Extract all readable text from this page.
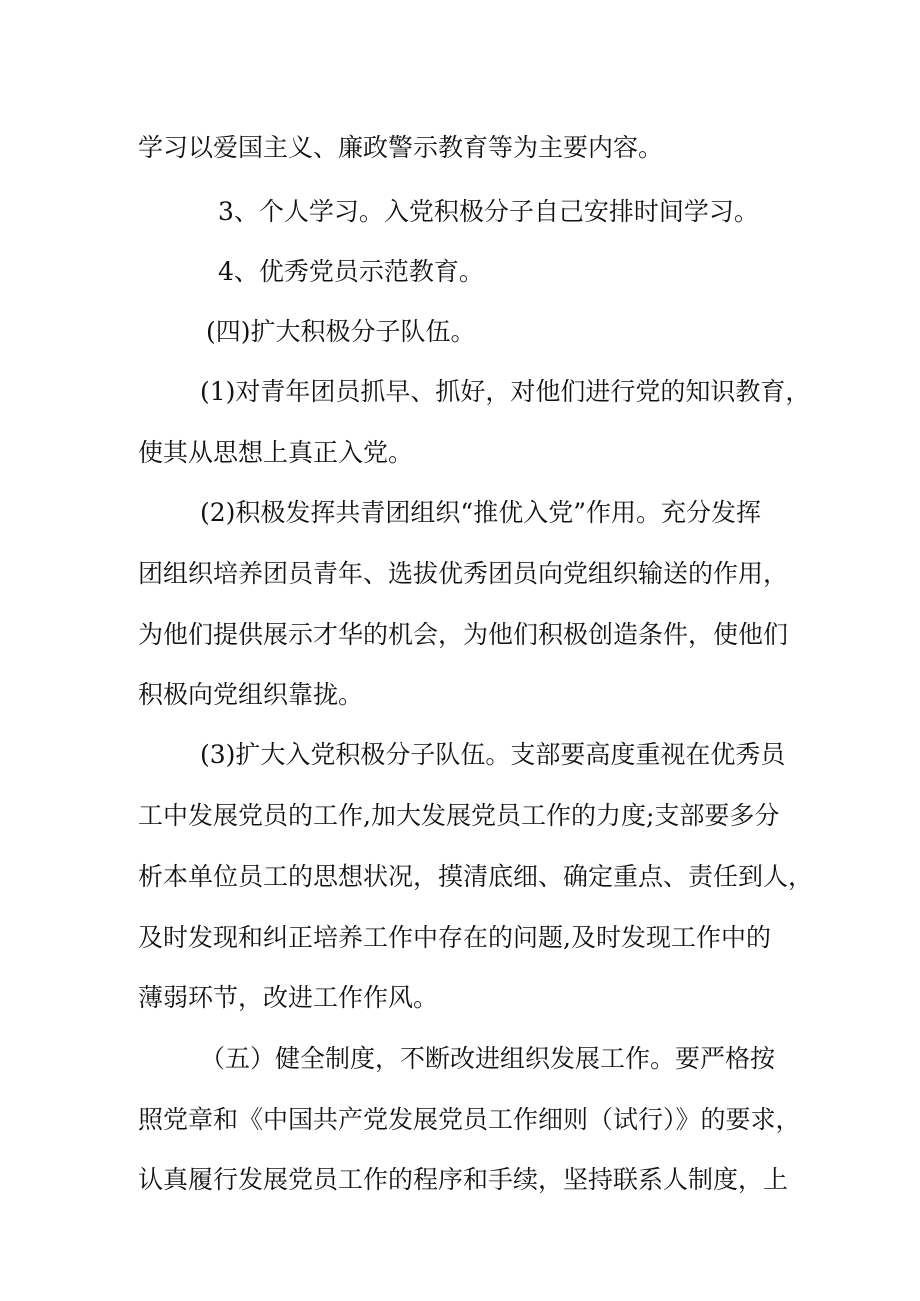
学习以爱国主义、廉政警示教育等为主要内容。
3、个人学习。入党积极分子自己安排时间学习。
4、优秀党员示范教育。
(四)扩大积极分子队伍。
(1)对青年团员抓早、抓好，对他们进行党的知识教育，
使其从思想上真正入党。
(2)积极发挥共青团组织“推优入党”作用。充分发挥
团组织培养团员青年、选拔优秀团员向党组织输送的作用，
为他们提供展示才华的机会，为他们积极创造条件，使他们
积极向党组织靠拢。
(3)扩大入党积极分子队伍。支部要高度重视在优秀员
工中发展党员的工作,加大发展党员工作的力度;支部要多分
析本单位员工的思想状况，摸清底细、确定重点、责任到人，
及时发现和纠正培养工作中存在的问题,及时发现工作中的
薄弱环节，改进工作作风。
（五）健全制度，不断改进组织发展工作。要严格按
照党章和《中国共产党发展党员工作细则（试行）》的要求，
认真履行发展党员工作的程序和手续，坚持联系人制度，上
